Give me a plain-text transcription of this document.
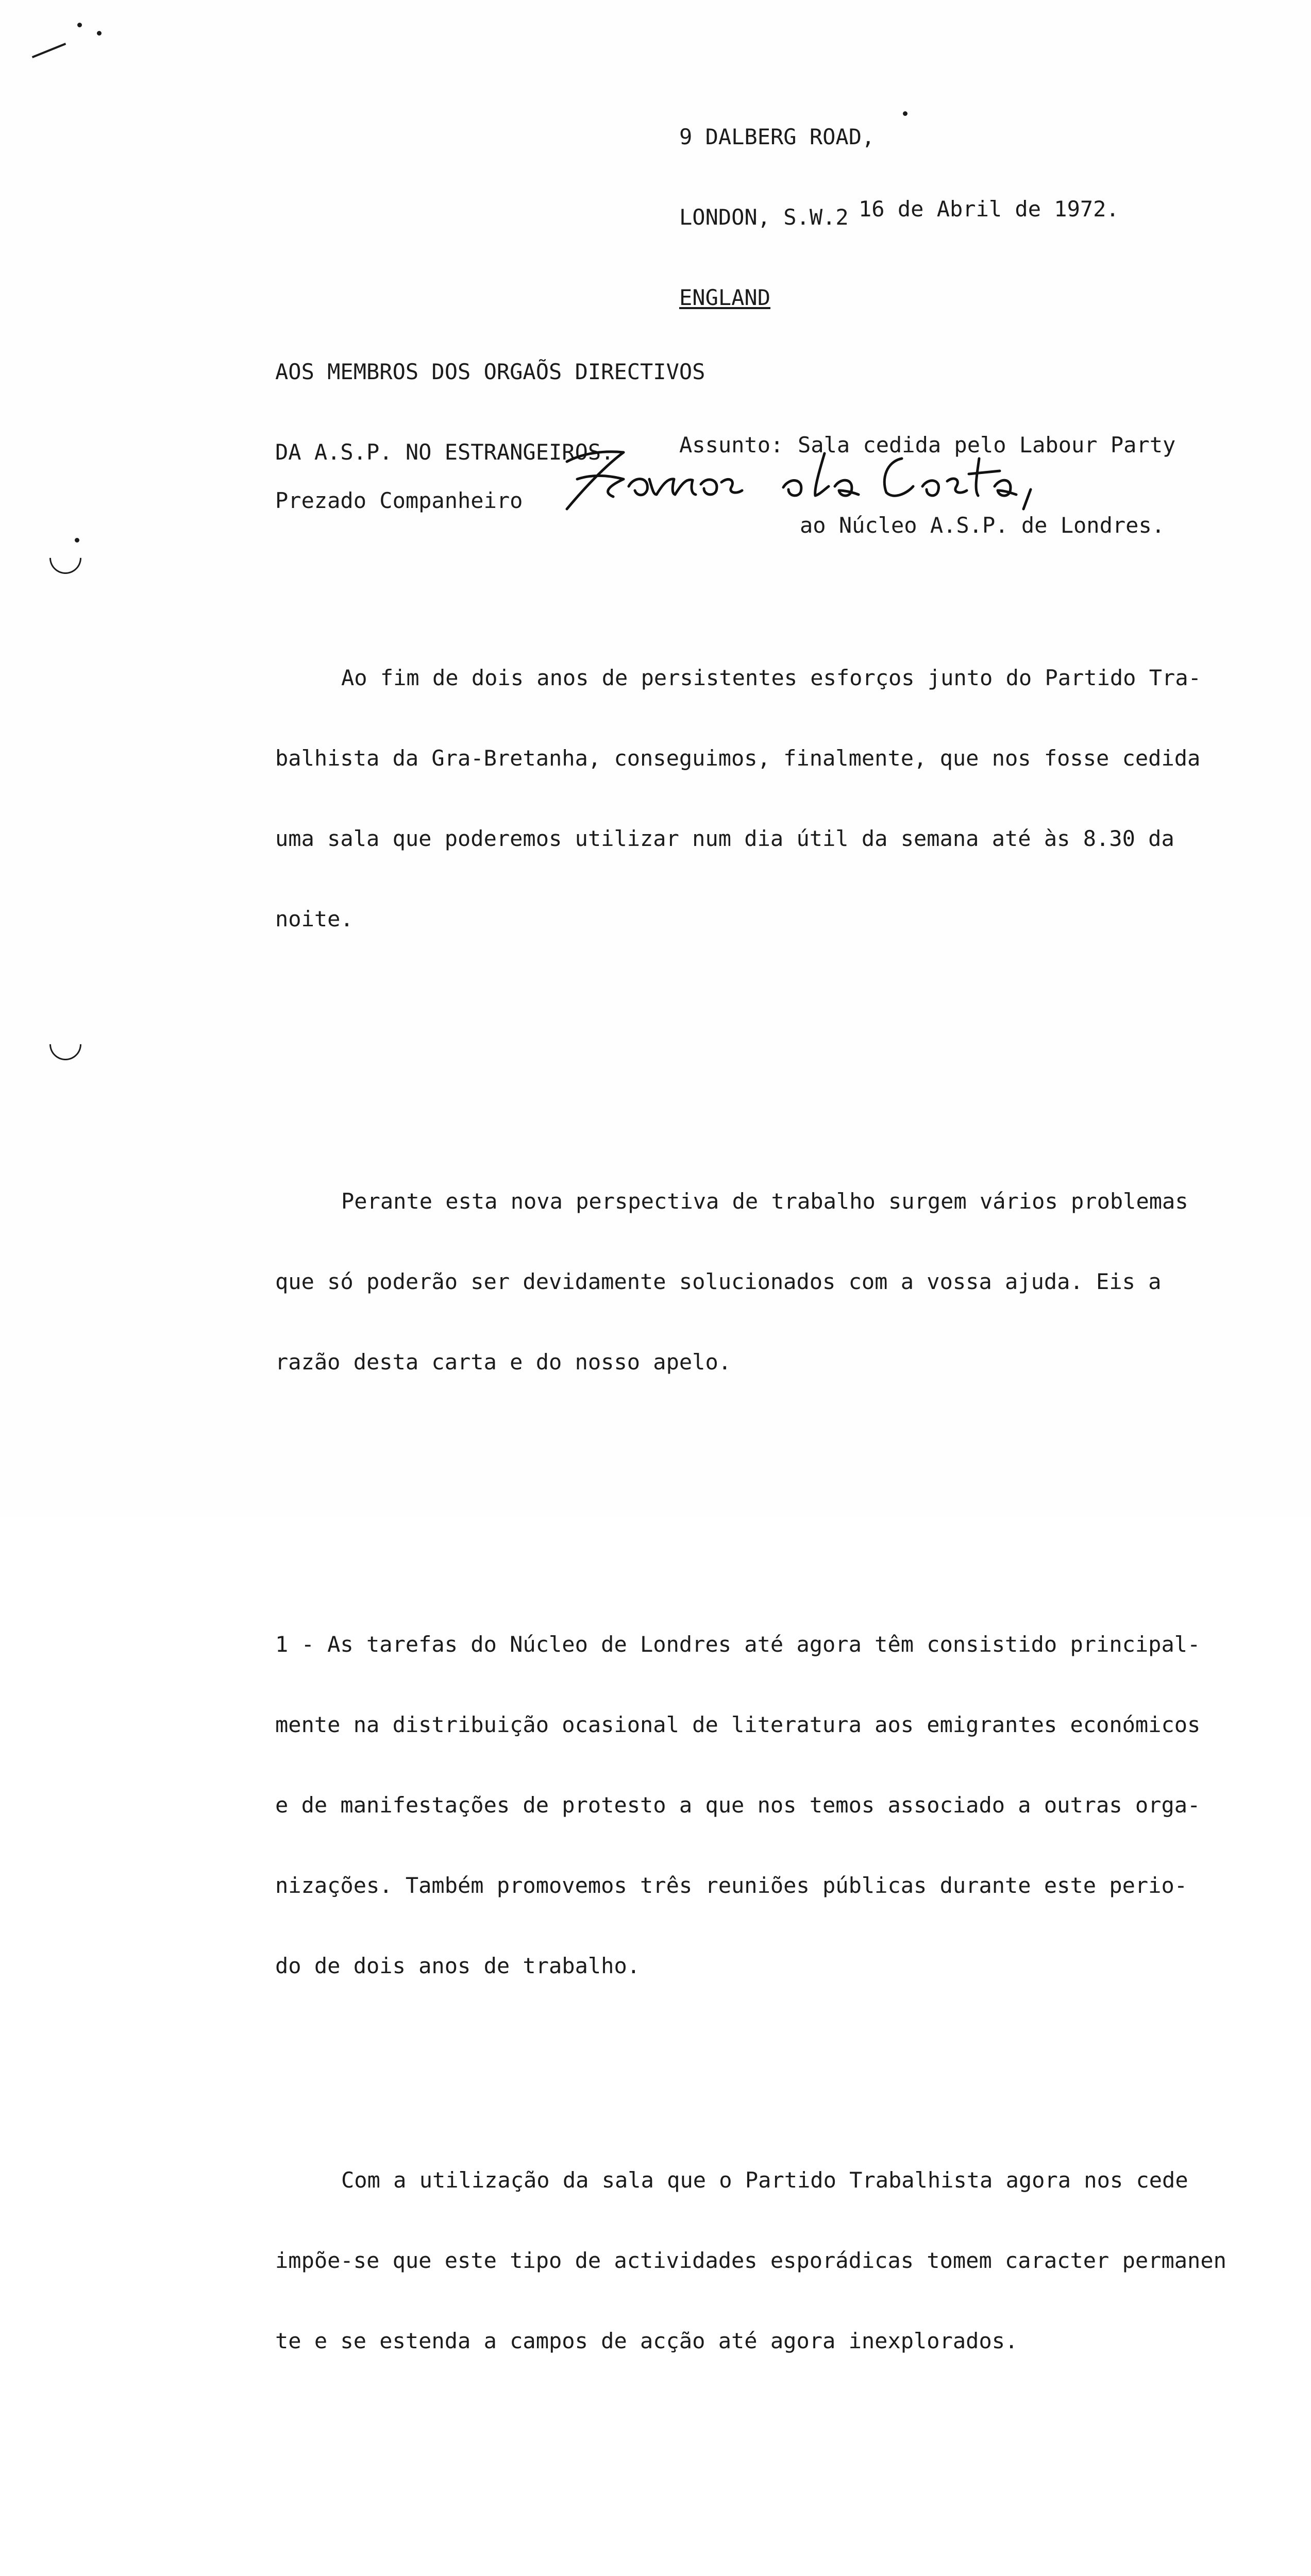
9 DALBERG ROAD,

LONDON, S.W.2

ENGLAND

16 de Abril de 1972.

AOS MEMBROS DOS ORGAÕS DIRECTIVOS

DA A.S.P. NO ESTRANGEIROS.

	Assunto: Sala cedida pelo Labour Party

ao Núcleo A.S.P. de Londres.

Prezado Companheiro

Ao fim de dois anos de persistentes esforços junto do Partido Tra-

balhista da Gra-Bretanha, conseguimos, finalmente, que nos fosse cedida

uma sala que poderemos utilizar num dia útil da semana até às 8.30 da

noite.

Perante esta nova perspectiva de trabalho surgem vários problemas

que só poderão ser devidamente solucionados com a vossa ajuda. Eis a

razão desta carta e do nosso apelo.

1 - As tarefas do Núcleo de Londres até agora têm consistido principal-

mente na distribuição ocasional de literatura aos emigrantes económicos

e de manifestações de protesto a que nos temos associado a outras orga-

nizações. Também promovemos três reuniões públicas durante este perio-

do de dois anos de trabalho.

Com a utilização da sala que o Partido Trabalhista agora nos cede

impõe-se que este tipo de actividades esporádicas tomem caracter permanen

te e se estenda a campos de acção até agora inexplorados.
